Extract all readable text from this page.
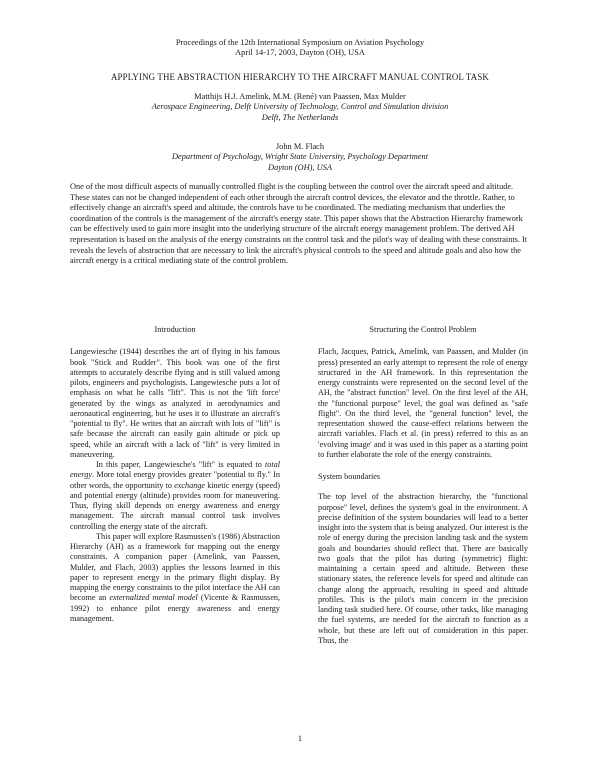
Proceedings of the 12th International Symposium on Aviation Psychology
April 14-17, 2003, Dayton (OH), USA
APPLYING THE ABSTRACTION HIERARCHY TO THE AIRCRAFT MANUAL CONTROL TASK
Matthijs H.J. Amelink, M.M. (René) van Paassen, Max Mulder
Aerospace Engineering, Delft University of Technology, Control and Simulation division
Delft, The Netherlands
John M. Flach
Department of Psychology, Wright State University, Psychology Department
Dayton (OH), USA

One of the most difficult aspects of manually controlled flight is the coupling between the control over the aircraft speed and altitude. These states can not be changed independent of each other through the aircraft control devices, the elevator and the throttle. Rather, to effectively change an aircraft's speed and altitude, the controls have to be coordinated. The mediating mechanism that underlies the coordination of the controls is the management of the aircraft's energy state. This paper shows that the Abstraction Hierarchy framework can be effectively used to gain more insight into the underlying structure of the aircraft energy management problem. The derived AH representation is based on the analysis of the energy constraints on the control task and the pilot's way of dealing with these constraints. It reveals the levels of abstraction that are necessary to link the aircraft's physical controls to the speed and altitude goals and also how the aircraft energy is a critical mediating state of the control problem.

Introduction

Langewiesche (1944) describes the art of flying in his famous book "Stick and Rudder". This book was one of the first attempts to accurately describe flying and is still valued among pilots, engineers and psychologists. Langewiesche puts a lot of emphasis on what he calls "lift". This is not the 'lift force' generated by the wings as analyzed in aerodynamics and aeronautical engineering, but he uses it to illustrate an aircraft's "potential to fly". He writes that an aircraft with lots of "lift" is safe because the aircraft can easily gain altitude or pick up speed, while an aircraft with a lack of "lift" is very limited in maneuvering.

In this paper, Langewiesche's "lift" is equated to total energy. More total energy provides greater "potential to fly." In other words, the opportunity to exchange kinetic energy (speed) and potential energy (altitude) provides room for maneuvering. Thus, flying skill depends on energy awareness and energy management. The aircraft manual control task involves controlling the energy state of the aircraft.

This paper will explore Rasmussen's (1986) Abstraction Hierarchy (AH) as a framework for mapping out the energy constraints. A companion paper (Amelink, van Paassen, Mulder, and Flach, 2003) applies the lessons learned in this paper to represent energy in the primary flight display. By mapping the energy constraints to the pilot interface the AH can become an externalized mental model (Vicente & Rasmussen, 1992) to enhance pilot energy awareness and energy management.

Structuring the Control Problem

Flach, Jacques, Patrick, Amelink, van Paassen, and Mulder (in press) presented an early attempt to represent the role of energy structured in the AH framework. In this representation the energy constraints were represented on the second level of the AH, the "abstract function" level. On the first level of the AH, the "functional purpose" level, the goal was defined as "safe flight". On the third level, the "general function" level, the representation showed the cause-effect relations between the aircraft variables. Flach et al. (in press) referred to this as an 'evolving image' and it was used in this paper as a starting point to further elaborate the role of the energy constraints.

System boundaries

The top level of the abstraction hierarchy, the "functional purpose" level, defines the system's goal in the environment. A precise definition of the system boundaries will lead to a better insight into the system that is being analyzed. Our interest is the role of energy during the precision landing task and the system goals and boundaries should reflect that. There are basically two goals that the pilot has during (symmetric) flight: maintaining a certain speed and altitude. Between these stationary states, the reference levels for speed and altitude can change along the approach, resulting in speed and altitude profiles. This is the pilot's main concern in the precision landing task studied here. Of course, other tasks, like managing the fuel systems, are needed for the aircraft to function as a whole, but these are left out of consideration in this paper. Thus, the

1
